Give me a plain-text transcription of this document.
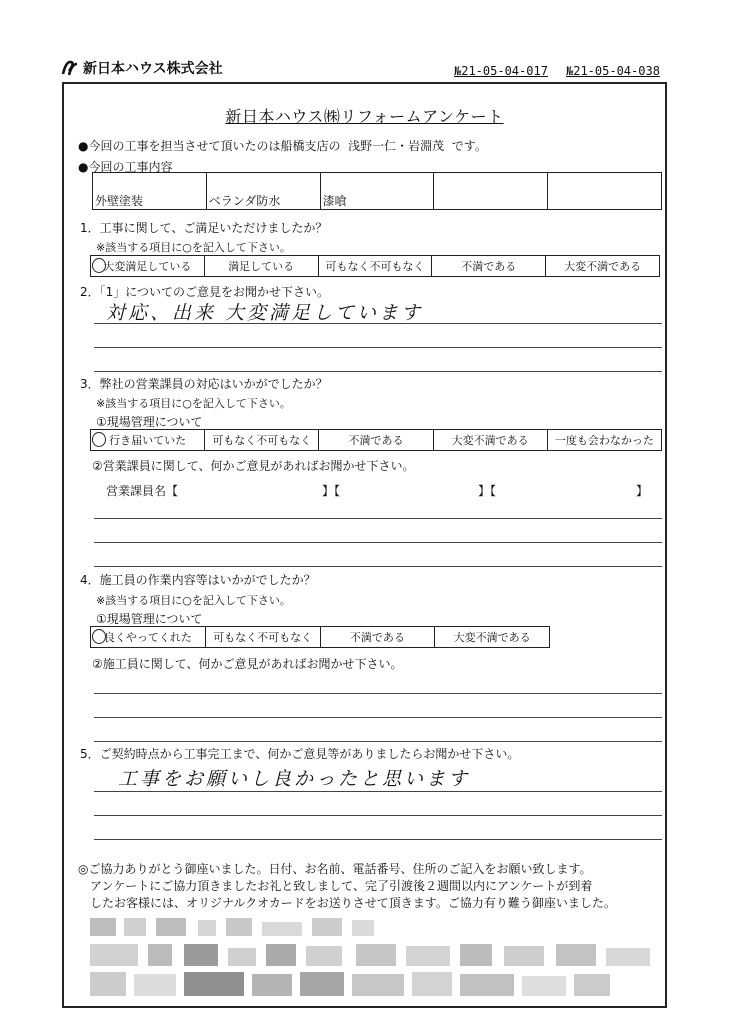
新日本ハウス株式会社	№21-05-04-017 №21-05-04-038
新日本ハウス㈱リフォームアンケート
●今回の工事を担当させて頂いたのは船橋支店の 浅野一仁・岩淵茂 です。
●今回の工事内容
外壁塗装	ベランダ防水	漆喰		
1．工事に関して、ご満足いただけましたか？
※該当する項目に○を記入して下さい。
大変満足している	満足している	可もなく不可もなく	不満である	大変不満である
2．「1」についてのご意見をお聞かせ下さい。
対応、出来 大変満足しています
3．弊社の営業課員の対応はいかがでしたか？
※該当する項目に○を記入して下さい。
①現場管理について
行き届いていた	可もなく不可もなく	不満である	大変不満である	一度も会わなかった
②営業課員に関して、何かご意見があればお聞かせ下さい。
営業課員名【	】【	】【	】
4．施工員の作業内容等はいかがでしたか？
※該当する項目に○を記入して下さい。
①現場管理について
良くやってくれた	可もなく不可もなく	不満である	大変不満である
②施工員に関して、何かご意見があればお聞かせ下さい。
5．ご契約時点から工事完工まで、何かご意見等がありましたらお聞かせ下さい。
工事をお願いし良かったと思います
◎ご協力ありがとう御座いました。日付、お名前、電話番号、住所のご記入をお願い致します。
アンケートにご協力頂きましたお礼と致しまして、完了引渡後２週間以内にアンケートが到着
したお客様には、オリジナルクオカードをお送りさせて頂きます。ご協力有り難う御座いました。
